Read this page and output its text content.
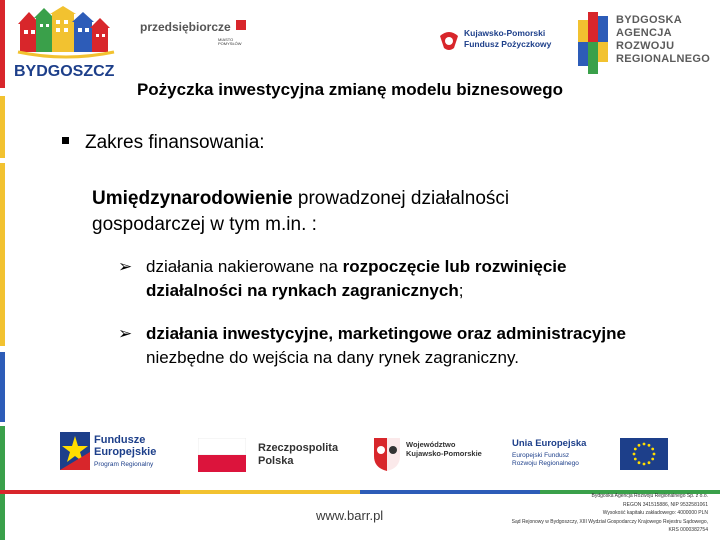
BYDGOSZCZ
przedsiębiorcze
MIASTO POMYSŁÓW
Kujawsko-Pomorski
Fundusz Pożyczkowy
BYDGOSKA
AGENCJA
ROZWOJU
REGIONALNEGO
Pożyczka inwestycyjna zmianę modelu biznesowego
Zakres finansowania:
Umiędzynarodowienie prowadzonej działalności gospodarczej w tym m.in. :
➢ działania nakierowane na rozpoczęcie lub rozwinięcie działalności na rynkach zagranicznych;
➢ działania inwestycyjne, marketingowe oraz administracyjne niezbędne do wejścia na dany rynek zagraniczny.
Fundusze
Europejskie
Program Regionalny
Rzeczpospolita
Polska
Województwo
Kujawsko-Pomorskie
Unia Europejska
Europejski Fundusz
Rozwoju Regionalnego
www.barr.pl
Bydgoska Agencja Rozwoju Regionalnego Sp. z o.o.
REGON 341515886, NIP 9532581061
Wysokość kapitału zakładowego: 4000000 PLN
Sąd Rejonowy w Bydgoszczy, XIII Wydział Gospodarczy Krajowego Rejestru Sądowego,
KRS 0000382754
